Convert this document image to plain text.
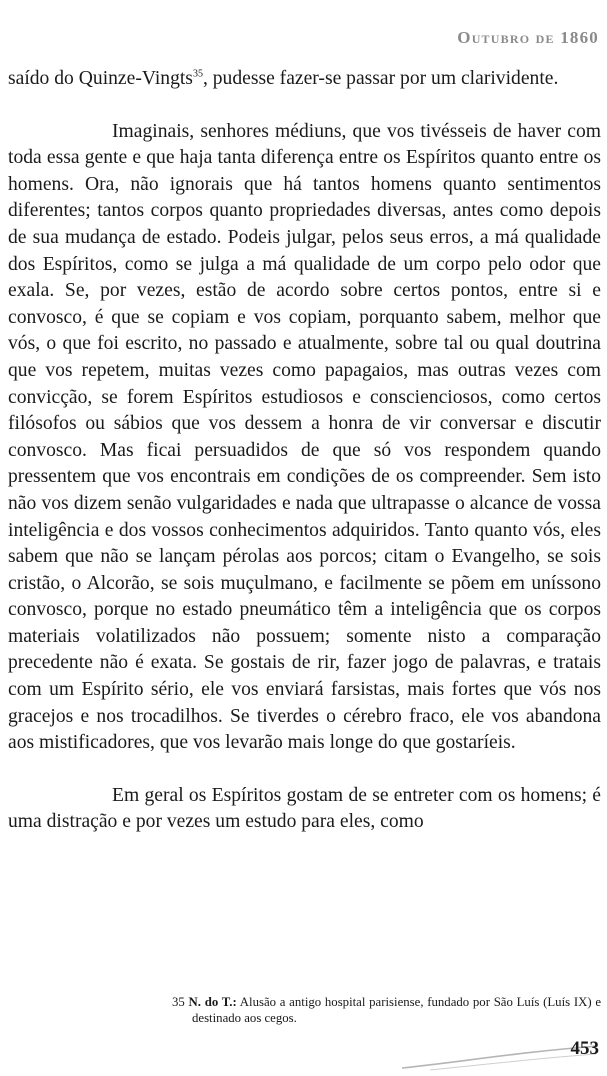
Outubro de 1860

saído do Quinze-Vingts$^{35}$, pudesse fazer-se passar por um clarividente.

Imaginais, senhores médiuns, que vos tivésseis de haver com toda essa gente e que haja tanta diferença entre os Espíritos quanto entre os homens. Ora, não ignorais que há tantos homens quanto sentimentos diferentes; tantos corpos quanto propriedades diversas, antes como depois de sua mudança de estado. Podeis julgar, pelos seus erros, a má qualidade dos Espíritos, como se julga a má qualidade de um corpo pelo odor que exala. Se, por vezes, estão de acordo sobre certos pontos, entre si e convosco, é que se copiam e vos copiam, porquanto sabem, melhor que vós, o que foi escrito, no passado e atualmente, sobre tal ou qual doutrina que vos repetem, muitas vezes como papagaios, mas outras vezes com convicção, se forem Espíritos estudiosos e conscienciosos, como certos filósofos ou sábios que vos dessem a honra de vir conversar e discutir convosco. Mas ficai persuadidos de que só vos respondem quando pressentem que vos encontrais em condições de os compreender. Sem isto não vos dizem senão vulgaridades e nada que ultrapasse o alcance de vossa inteligência e dos vossos conhecimentos adquiridos. Tanto quanto vós, eles sabem que não se lançam pérolas aos porcos; citam o Evangelho, se sois cristão, o Alcorão, se sois muçulmano, e facilmente se põem em uníssono convosco, porque no estado pneumático têm a inteligência que os corpos materiais volatilizados não possuem; somente nisto a comparação precedente não é exata. Se gostais de rir, fazer jogo de palavras, e tratais com um Espírito sério, ele vos enviará farsistas, mais fortes que vós nos gracejos e nos trocadilhos. Se tiverdes o cérebro fraco, ele vos abandona aos mistificadores, que vos levarão mais longe do que gostaríeis.

Em geral os Espíritos gostam de se entreter com os homens; é uma distração e por vezes um estudo para eles, como

35 N. do T.: Alusão a antigo hospital parisiense, fundado por São Luís (Luís IX) e destinado aos cegos.
453
